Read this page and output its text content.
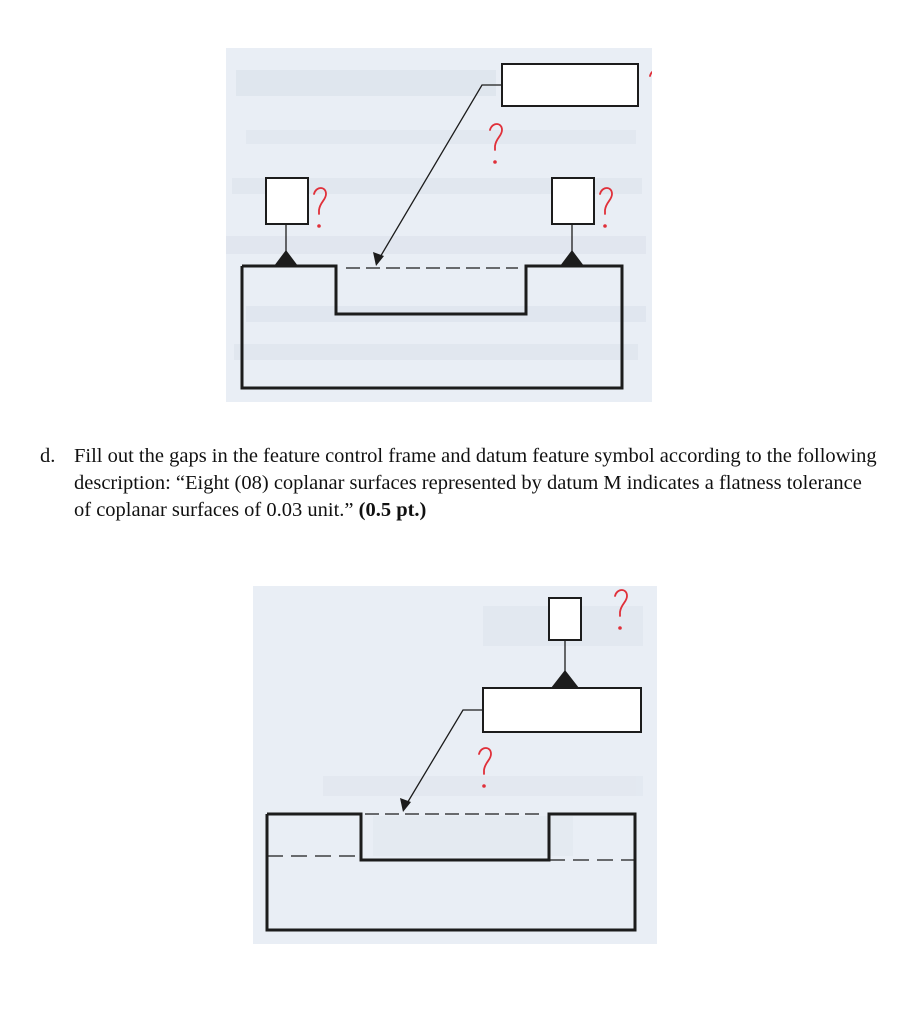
d. Fill out the gaps in the feature control frame and datum feature symbol according to the following description: “Eight (08) coplanar surfaces represented by datum M indicates a flatness tolerance of coplanar surfaces of 0.03 unit.” (0.5 pt.)
